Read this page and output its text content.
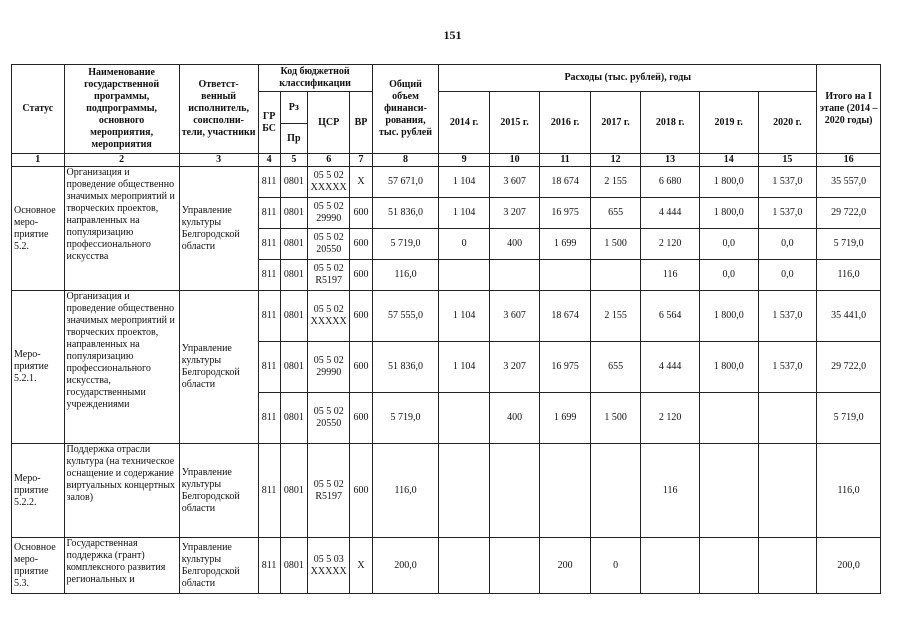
151
Статус	Наименование государственной программы, подпрограммы, основного мероприятия, мероприятия	Ответст-венный исполнитель, соисполни-тели, участники	Код бюджетной классификации				Общий объем финанси-рования, тыс. рублей	Расходы (тыс. рублей), годы							Итого на I этапе (2014 – 2020 годы)
			ГР БС	Рз	ЦСР	ВР		2014 г.	2015 г.	2016 г.	2017 г.	2018 г.	2019 г.	2020 г.	
				Пр											
1	2	3	4	5	6	7	8	9	10	11	12	13	14	15	16
Основное меро-приятие 5.2.	Организация и проведение общественно значимых мероприятий и творческих проектов, направленных на популяризацию профессионального искусства	Управление культуры Белгородской области	811	0801	05 5 02 XXXXX	X	57 671,0	1 104	3 607	18 674	2 155	6 680	1 800,0	1 537,0	35 557,0
			811	0801	05 5 02 29990	600	51 836,0	1 104	3 207	16 975	655	4 444	1 800,0	1 537,0	29 722,0
			811	0801	05 5 02 20550	600	5 719,0	0	400	1 699	1 500	2 120	0,0	0,0	5 719,0
			811	0801	05 5 02 R5197	600	116,0					116	0,0	0,0	116,0
Меро-приятие 5.2.1.	Организация и проведение общественно значимых мероприятий и творческих проектов, направленных на популяризацию профессионального искусства, государственными учреждениями	Управление культуры Белгородской области	811	0801	05 5 02 XXXXX	600	57 555,0	1 104	3 607	18 674	2 155	6 564	1 800,0	1 537,0	35 441,0
			811	0801	05 5 02 29990	600	51 836,0	1 104	3 207	16 975	655	4 444	1 800,0	1 537,0	29 722,0
			811	0801	05 5 02 20550	600	5 719,0		400	1 699	1 500	2 120			5 719,0
Меро-приятие 5.2.2.	Поддержка отрасли культура (на техническое оснащение и содержание виртуальных концертных залов)	Управление культуры Белгородской области	811	0801	05 5 02 R5197	600	116,0					116			116,0
Основное меро-приятие 5.3.	Государственная поддержка (грант) комплексного развития региональных и	Управление культуры Белгородской области	811	0801	05 5 03 XXXXX	X	200,0			200	0				200,0
